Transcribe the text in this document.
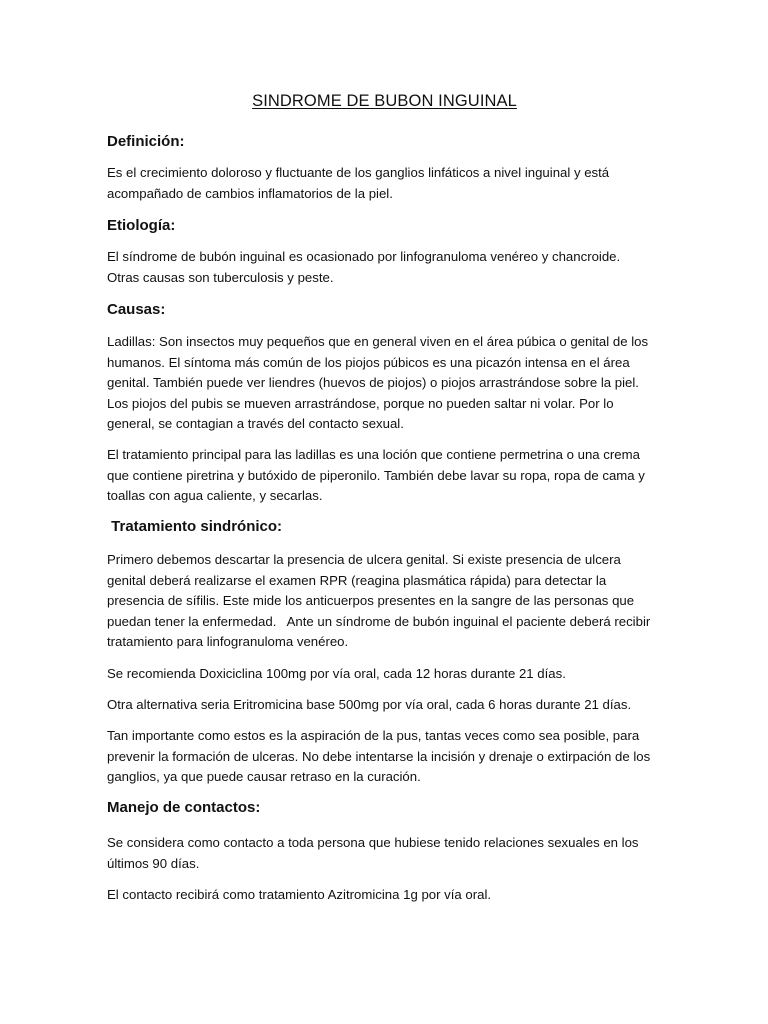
SINDROME DE BUBON INGUINAL
Definición:

Es el crecimiento doloroso y fluctuante de los ganglios linfáticos a nivel inguinal y está acompañado de cambios inflamatorios de la piel.

Etiología:

El síndrome de bubón inguinal es ocasionado por linfogranuloma venéreo y chancroide. Otras causas son tuberculosis y peste.

Causas:

Ladillas: Son insectos muy pequeños que en general viven en el área púbica o genital de los humanos. El síntoma más común de los piojos púbicos es una picazón intensa en el área genital. También puede ver liendres (huevos de piojos) o piojos arrastrándose sobre la piel. Los piojos del pubis se mueven arrastrándose, porque no pueden saltar ni volar. Por lo general, se contagian a través del contacto sexual.

El tratamiento principal para las ladillas es una loción que contiene permetrina o una crema que contiene piretrina y butóxido de piperonilo. También debe lavar su ropa, ropa de cama y toallas con agua caliente, y secarlas.

Tratamiento sindrónico:

Primero debemos descartar la presencia de ulcera genital. Si existe presencia de ulcera genital deberá realizarse el examen RPR (reagina plasmática rápida) para detectar la presencia de sífilis. Este mide los anticuerpos presentes en la sangre de las personas que puedan tener la enfermedad.   Ante un síndrome de bubón inguinal el paciente deberá recibir tratamiento para linfogranuloma venéreo.

Se recomienda Doxiciclina 100mg por vía oral, cada 12 horas durante 21 días.

Otra alternativa seria Eritromicina base 500mg por vía oral, cada 6 horas durante 21 días.

Tan importante como estos es la aspiración de la pus, tantas veces como sea posible, para prevenir la formación de ulceras. No debe intentarse la incisión y drenaje o extirpación de los ganglios, ya que puede causar retraso en la curación.

Manejo de contactos:

Se considera como contacto a toda persona que hubiese tenido relaciones sexuales en los últimos 90 días.

El contacto recibirá como tratamiento Azitromicina 1g por vía oral.
